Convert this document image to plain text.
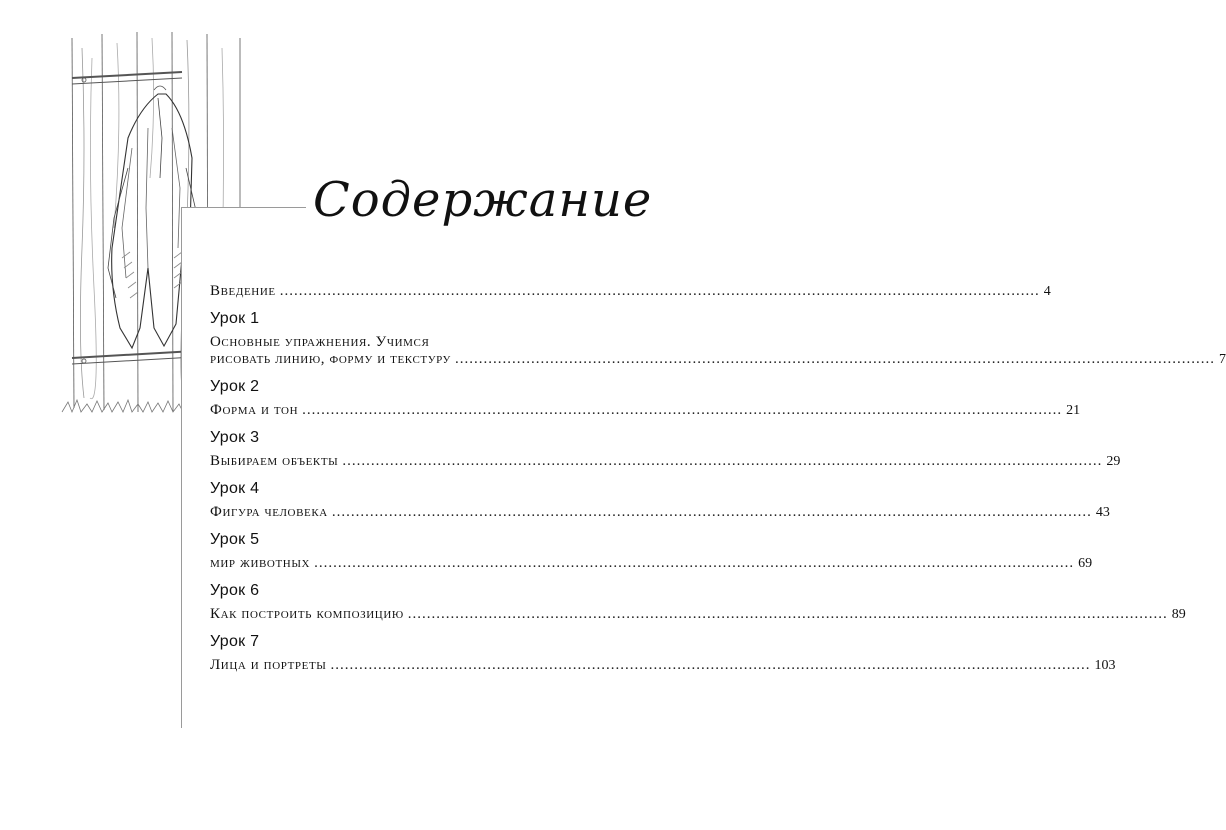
Содержание
Введение .....	4
Урок 1
Основные упражнения. Учимся
рисовать линию, форму и текстуру .....	7
Урок 2
Форма и тон .....	21
Урок 3
Выбираем объекты .....	29
Урок 4
Фигура человека .....	43
Урок 5
мир животных .....	69
Урок 6
Как построить композицию .....	89
Урок 7
Лица и портреты .....	103
